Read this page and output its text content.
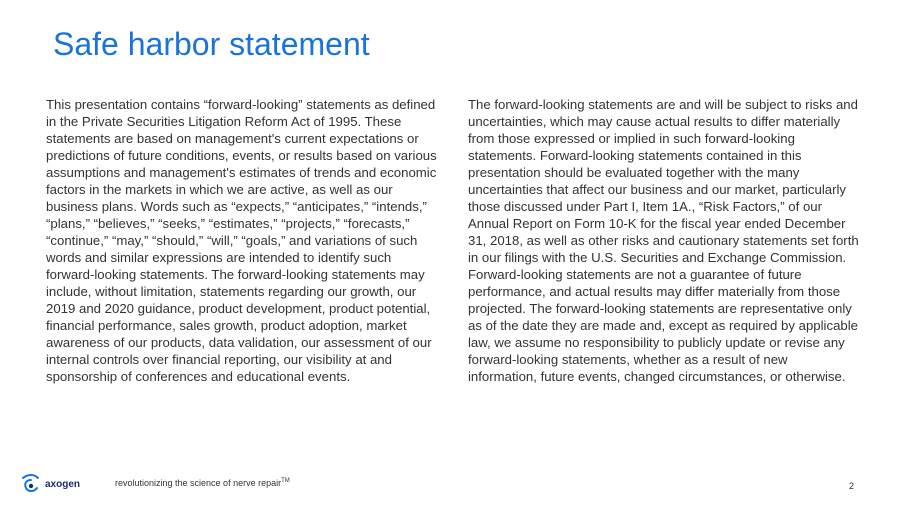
Safe harbor statement
This presentation contains “forward-looking” statements as defined in the Private Securities Litigation Reform Act of 1995. These statements are based on management's current expectations or predictions of future conditions, events, or results based on various assumptions and management's estimates of trends and economic factors in the markets in which we are active, as well as our business plans. Words such as “expects,” “anticipates,” “intends,” “plans,” “believes,” “seeks,” “estimates,” “projects,” “forecasts,” “continue,” “may,” “should,” “will,” “goals,” and variations of such words and similar expressions are intended to identify such forward-looking statements. The forward-looking statements may include, without limitation, statements regarding our growth, our 2019 and 2020 guidance, product development, product potential, financial performance, sales growth, product adoption, market awareness of our products, data validation, our assessment of our internal controls over financial reporting, our visibility at and sponsorship of conferences and educational events.
The forward-looking statements are and will be subject to risks and uncertainties, which may cause actual results to differ materially from those expressed or implied in such forward-looking statements. Forward-looking statements contained in this presentation should be evaluated together with the many uncertainties that affect our business and our market, particularly those discussed under Part I, Item 1A., “Risk Factors,” of our Annual Report on Form 10-K for the fiscal year ended December 31, 2018, as well as other risks and cautionary statements set forth in our filings with the U.S. Securities and Exchange Commission. Forward-looking statements are not a guarantee of future performance, and actual results may differ materially from those projected. The forward-looking statements are representative only as of the date they are made and, except as required by applicable law, we assume no responsibility to publicly update or revise any forward-looking statements, whether as a result of new information, future events, changed circumstances, or otherwise.
axogen	revolutionizing the science of nerve repair™	2
